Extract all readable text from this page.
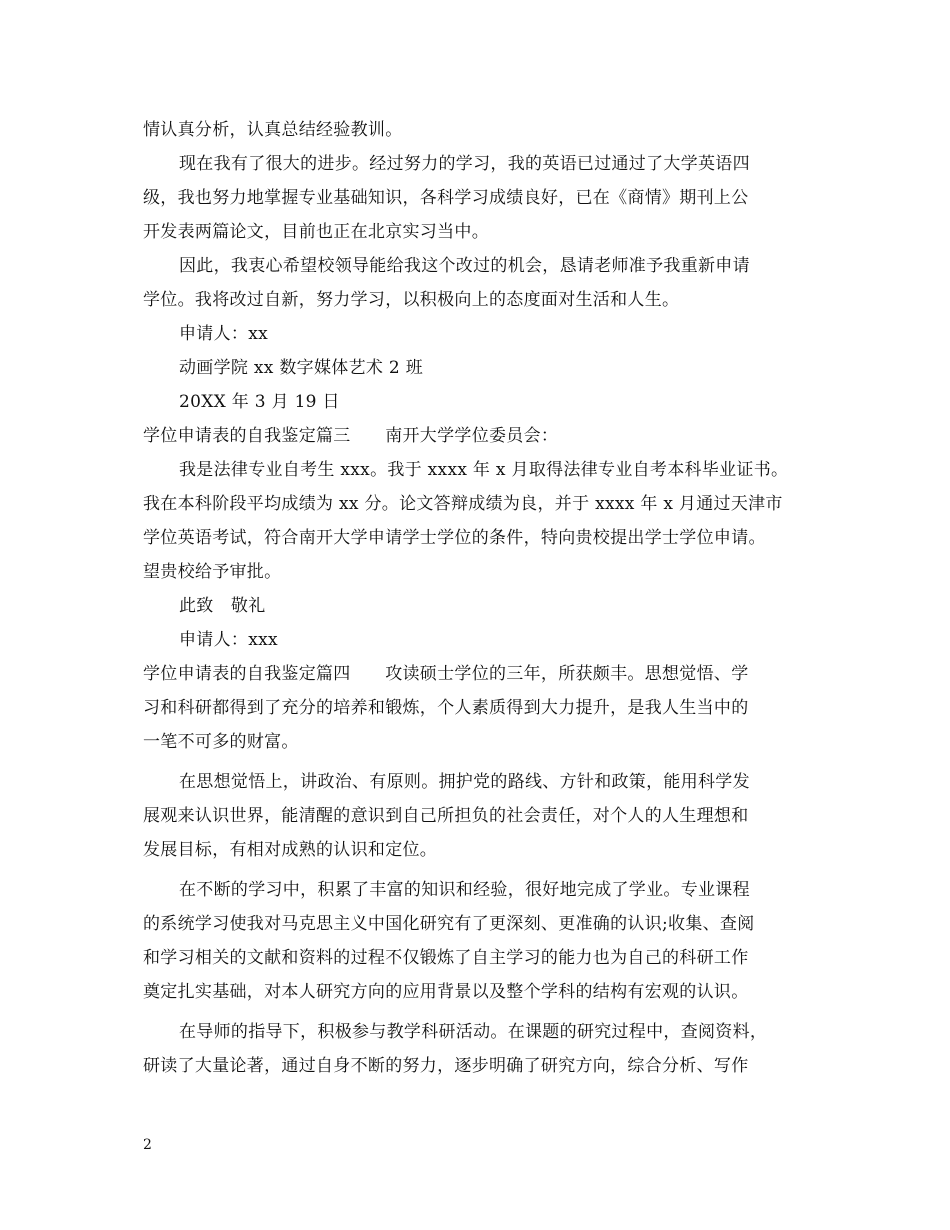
情认真分析，认真总结经验教训。
现在我有了很大的进步。经过努力的学习，我的英语已过通过了大学英语四
级，我也努力地掌握专业基础知识，各科学习成绩良好，已在《商情》期刊上公
开发表两篇论文，目前也正在北京实习当中。
因此，我衷心希望校领导能给我这个改过的机会，恳请老师准予我重新申请
学位。我将改过自新，努力学习，以积极向上的态度面对生活和人生。
申请人：xx
动画学院 xx 数字媒体艺术 2 班
20XX 年 3 月 19 日
学位申请表的自我鉴定篇三　　南开大学学位委员会：
我是法律专业自考生 xxx。我于 xxxx 年 x 月取得法律专业自考本科毕业证书。
我在本科阶段平均成绩为 xx 分。论文答辩成绩为良，并于 xxxx 年 x 月通过天津市
学位英语考试，符合南开大学申请学士学位的条件，特向贵校提出学士学位申请。
望贵校给予审批。
此致　敬礼
申请人：xxx
学位申请表的自我鉴定篇四　　攻读硕士学位的三年，所获颇丰。思想觉悟、学
习和科研都得到了充分的培养和锻炼，个人素质得到大力提升，是我人生当中的
一笔不可多的财富。
在思想觉悟上，讲政治、有原则。拥护党的路线、方针和政策，能用科学发
展观来认识世界，能清醒的意识到自己所担负的社会责任，对个人的人生理想和
发展目标，有相对成熟的认识和定位。
在不断的学习中，积累了丰富的知识和经验，很好地完成了学业。专业课程
的系统学习使我对马克思主义中国化研究有了更深刻、更准确的认识;收集、查阅
和学习相关的文献和资料的过程不仅锻炼了自主学习的能力也为自己的科研工作
奠定扎实基础，对本人研究方向的应用背景以及整个学科的结构有宏观的认识。
在导师的指导下，积极参与教学科研活动。在课题的研究过程中，查阅资料，
研读了大量论著，通过自身不断的努力，逐步明确了研究方向，综合分析、写作
2
